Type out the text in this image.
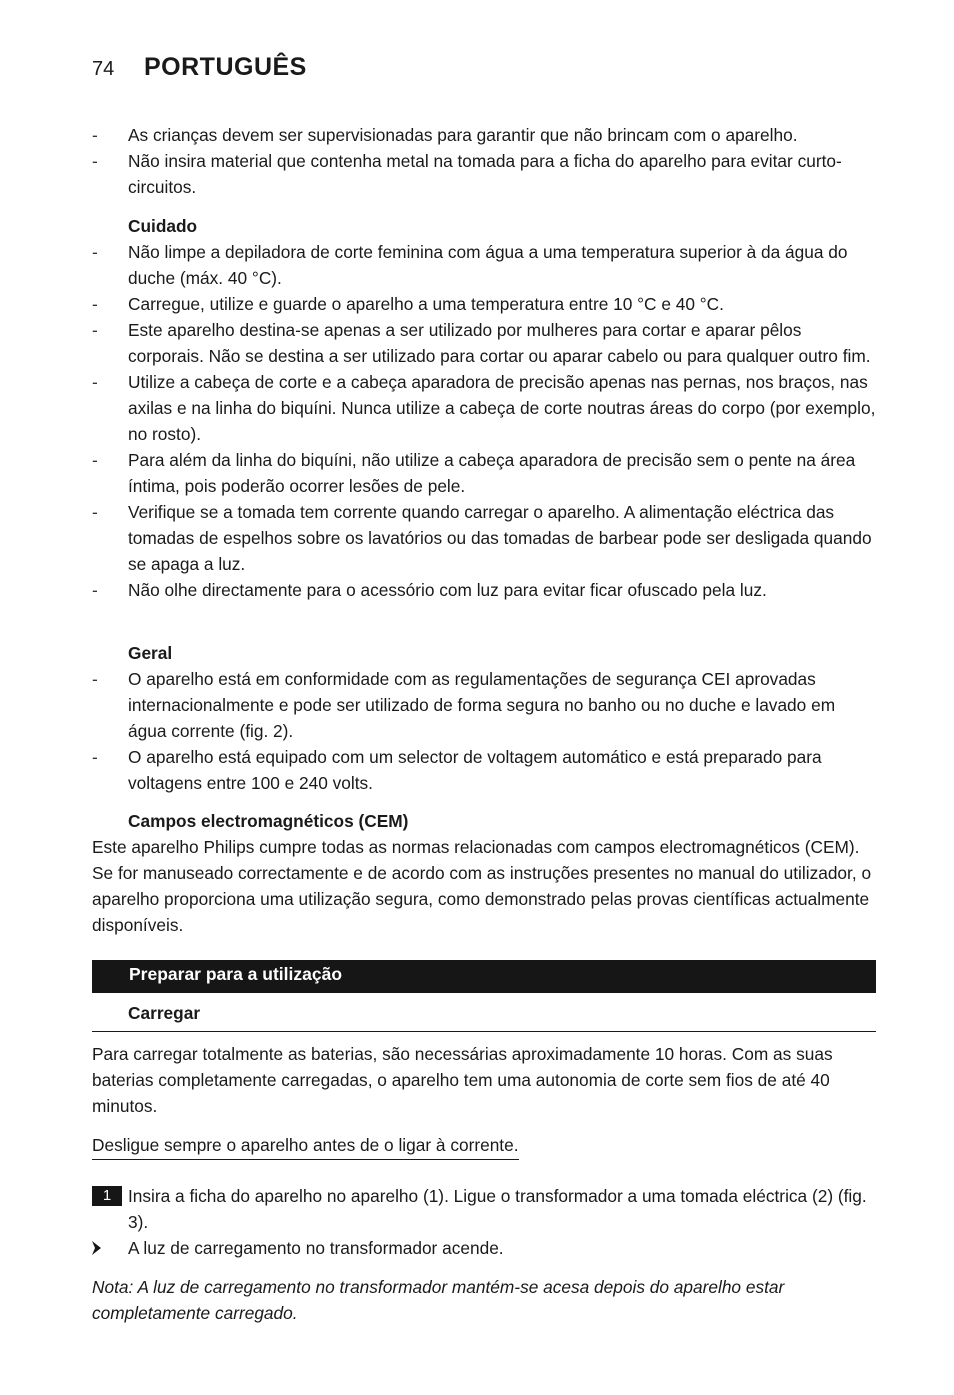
74 PORTUGUÊS
-	As crianças devem ser supervisionadas para garantir que não brincam com o aparelho.
-	Não insira material que contenha metal na tomada para a ficha do aparelho para evitar curto-circuitos.
Cuidado
-	Não limpe a depiladora de corte feminina com água a uma temperatura superior à da água do duche (máx. 40 °C).
-	Carregue, utilize e guarde o aparelho a uma temperatura entre 10 °C e 40 °C.
-	Este aparelho destina-se apenas a ser utilizado por mulheres para cortar e aparar pêlos corporais. Não se destina a ser utilizado para cortar ou aparar cabelo ou para qualquer outro fim.
-	Utilize a cabeça de corte e a cabeça aparadora de precisão apenas nas pernas, nos braços, nas axilas e na linha do biquíni. Nunca utilize a cabeça de corte noutras áreas do corpo (por exemplo, no rosto).
-	Para além da linha do biquíni, não utilize a cabeça aparadora de precisão sem o pente na área íntima, pois poderão ocorrer lesões de pele.
-	Verifique se a tomada tem corrente quando carregar o aparelho. A alimentação eléctrica das tomadas de espelhos sobre os lavatórios ou das tomadas de barbear pode ser desligada quando se apaga a luz.
-	Não olhe directamente para o acessório com luz para evitar ficar ofuscado pela luz.
Geral
-	O aparelho está em conformidade com as regulamentações de segurança CEI aprovadas internacionalmente e pode ser utilizado de forma segura no banho ou no duche e lavado em água corrente (fig. 2).
-	O aparelho está equipado com um selector de voltagem automático e está preparado para voltagens entre 100 e 240 volts.
Campos electromagnéticos (CEM)
Este aparelho Philips cumpre todas as normas relacionadas com campos electromagnéticos (CEM). Se for manuseado correctamente e de acordo com as instruções presentes no manual do utilizador, o aparelho proporciona uma utilização segura, como demonstrado pelas provas científicas actualmente disponíveis.
Preparar para a utilização
Carregar
Para carregar totalmente as baterias, são necessárias aproximadamente 10 horas. Com as suas baterias completamente carregadas, o aparelho tem uma autonomia de corte sem fios de até 40 minutos.
Desligue sempre o aparelho antes de o ligar à corrente.
1 Insira a ficha do aparelho no aparelho (1). Ligue o transformador a uma tomada eléctrica (2) (fig. 3).
A luz de carregamento no transformador acende.
Nota: A luz de carregamento no transformador mantém-se acesa depois do aparelho estar completamente carregado.
